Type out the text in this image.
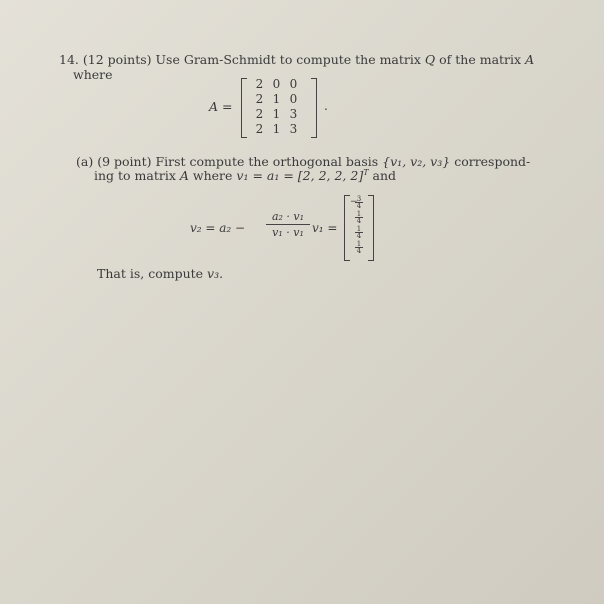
14. (12 points) Use Gram-Schmidt to compute the matrix Q of the matrix A
where
A =
2 0 0
2 1 0
2 1 3
2 1 3
.
(a) (9 point) First compute the orthogonal basis {v₁, v₂, v₃} correspond-
ing to matrix A where v₁ = a₁ = [2, 2, 2, 2]$^T$ and
v₂ = a₂ −
a₂ · v₁
v₁ · v₁ v₁ =
− 3
4
1
4
1
4
1
4
That is, compute v₃.
